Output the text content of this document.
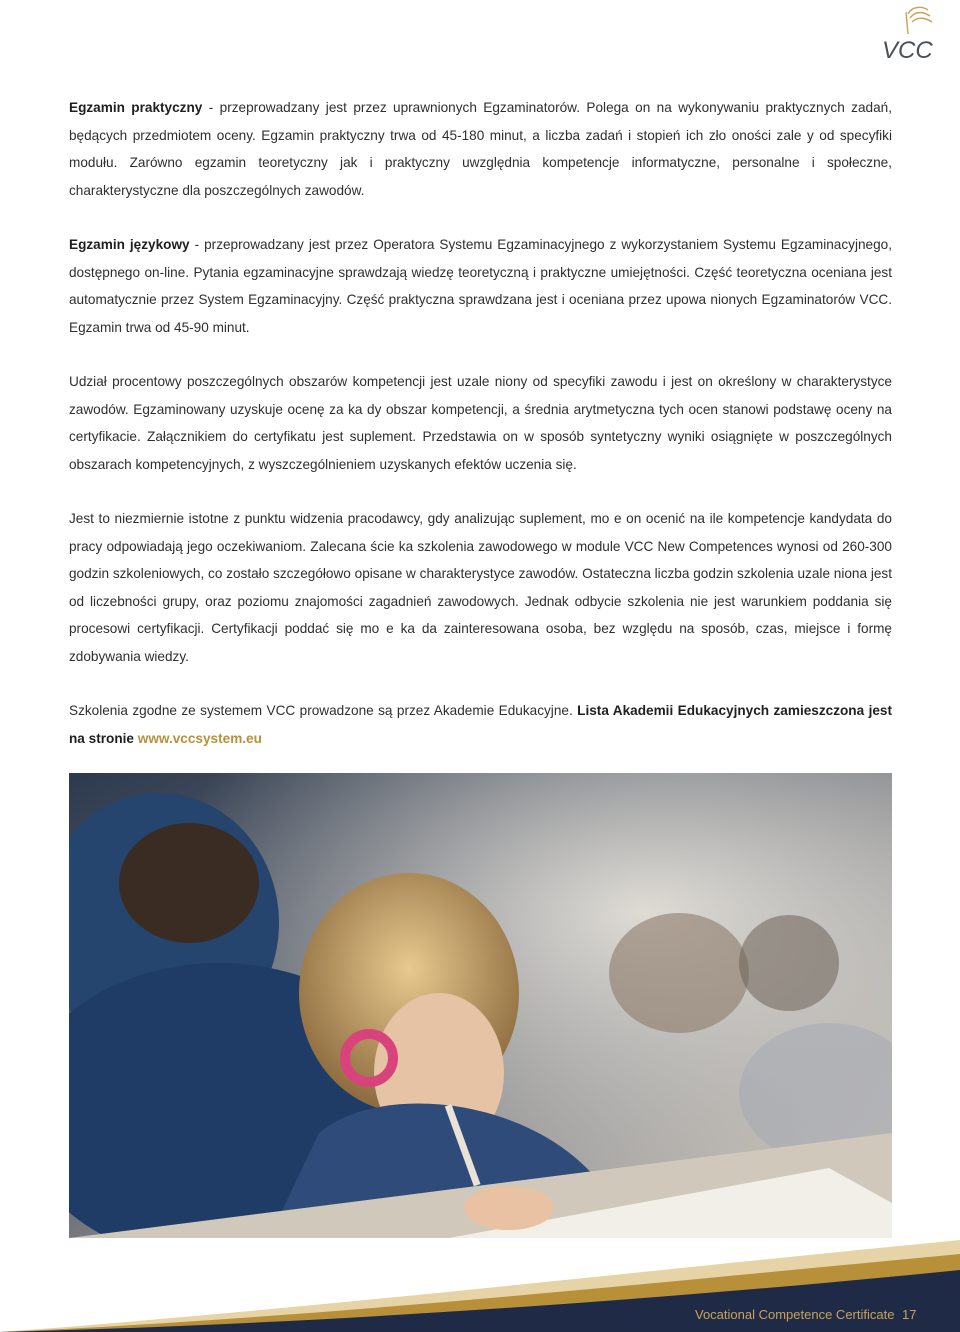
VCC

Egzamin praktyczny - przeprowadzany jest przez uprawnionych Egzaminatorów. Polega on na wykonywaniu praktycznych zadań, będących przedmiotem oceny. Egzamin praktyczny trwa od 45-180 minut, a liczba zadań i stopień ich zło oności zale y od specyfiki modułu. Zarówno egzamin teoretyczny jak i praktyczny uwzględnia kompetencje informatyczne, personalne i społeczne, charakterystyczne dla poszczególnych zawodów.

Egzamin językowy - przeprowadzany jest przez Operatora Systemu Egzaminacyjnego z wykorzystaniem Systemu Egzaminacyjnego, dostępnego on-line. Pytania egzaminacyjne sprawdzają wiedzę teoretyczną i praktyczne umiejętności. Część teoretyczna oceniana jest automatycznie przez System Egzaminacyjny. Część praktyczna sprawdzana jest i oceniana przez upowa nionych Egzaminatorów VCC. Egzamin trwa od 45-90 minut.

Udział procentowy poszczególnych obszarów kompetencji jest uzale niony od specyfiki zawodu i jest on określony w charakterystyce zawodów. Egzaminowany uzyskuje ocenę za ka dy obszar kompetencji, a średnia arytmetyczna tych ocen stanowi podstawę oceny na certyfikacie. Załącznikiem do certyfikatu jest suplement. Przedstawia on w sposób syntetyczny wyniki osiągnięte w poszczególnych obszarach kompetencyjnych, z wyszczególnieniem uzyskanych efektów uczenia się.

Jest to niezmiernie istotne z punktu widzenia pracodawcy, gdy analizując suplement, mo e on ocenić na ile kompetencje kandydata do pracy odpowiadają jego oczekiwaniom. Zalecana ście ka szkolenia zawodowego w module VCC New Competences wynosi od 260-300 godzin szkoleniowych, co zostało szczegółowo opisane w charakterystyce zawodów. Ostateczna liczba godzin szkolenia uzale niona jest od liczebności grupy, oraz poziomu znajomości zagadnień zawodowych. Jednak odbycie szkolenia nie jest warunkiem poddania się procesowi certyfikacji. Certyfikacji poddać się mo e ka da zainteresowana osoba, bez względu na sposób, czas, miejsce i formę zdobywania wiedzy.

Szkolenia zgodne ze systemem VCC prowadzone są przez Akademie Edukacyjne. Lista Akademii Edukacyjnych zamieszczona jest na stronie www.vccsystem.eu

Vocational Competence Certificate 17
